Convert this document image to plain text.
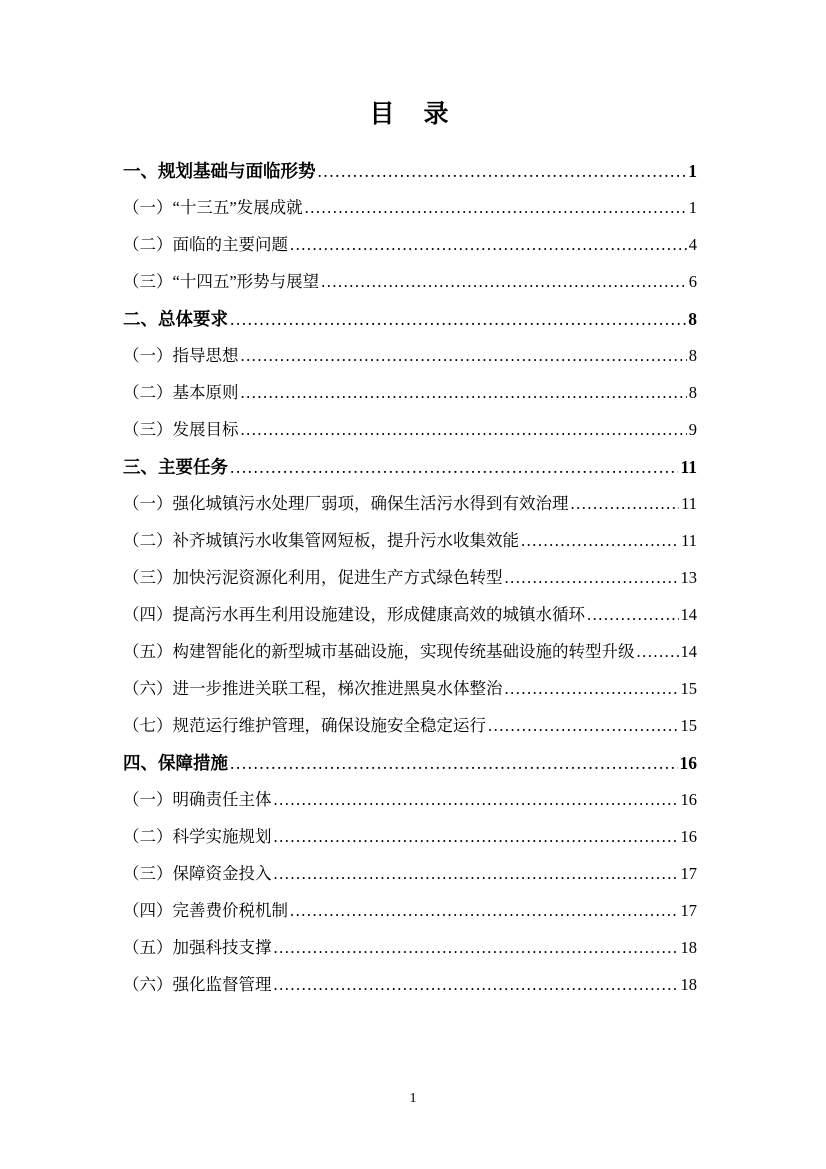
目　录
一、规划基础与面临形势 .....	1
（一）“十三五”发展成就 .....	1
（二）面临的主要问题 .....	4
（三）“十四五”形势与展望 .....	6
二、总体要求 .....	8
（一）指导思想 .....	8
（二）基本原则 .....	8
（三）发展目标 .....	9
三、主要任务 .....	11
（一）强化城镇污水处理厂弱项，确保生活污水得到有效治理 .....	11
（二）补齐城镇污水收集管网短板，提升污水收集效能 .....	11
（三）加快污泥资源化利用，促进生产方式绿色转型 .....	13
（四）提高污水再生利用设施建设，形成健康高效的城镇水循环 .....	14
（五）构建智能化的新型城市基础设施，实现传统基础设施的转型升级 .....	14
（六）进一步推进关联工程，梯次推进黑臭水体整治 .....	15
（七）规范运行维护管理，确保设施安全稳定运行 .....	15
四、保障措施 .....	16
（一）明确责任主体 .....	16
（二）科学实施规划 .....	16
（三）保障资金投入 .....	17
（四）完善费价税机制 .....	17
（五）加强科技支撑 .....	18
（六）强化监督管理 .....	18
1
